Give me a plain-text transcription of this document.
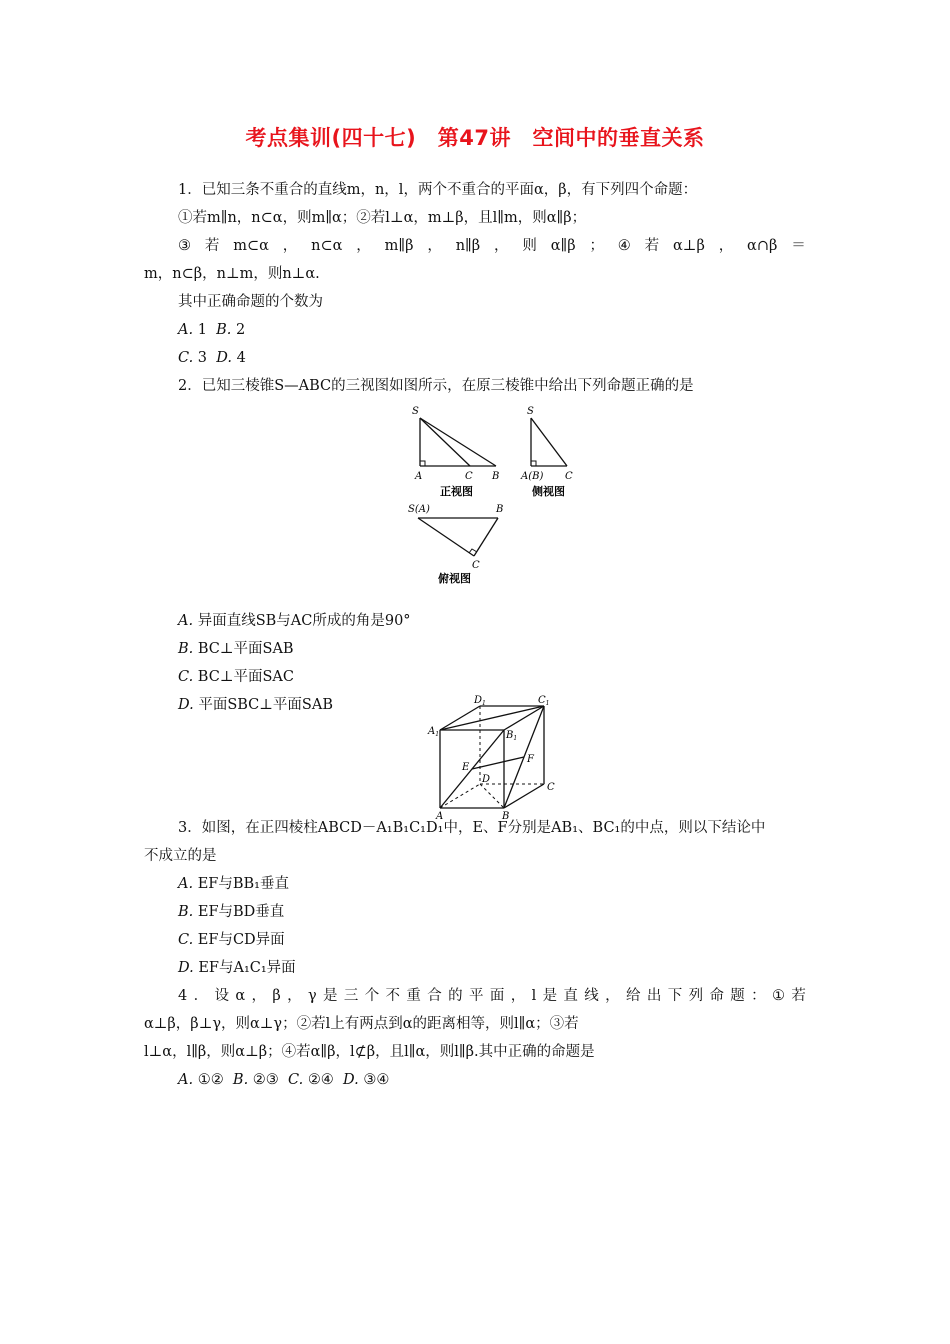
考点集训(四十七)　第47讲　空间中的垂直关系
1．已知三条不重合的直线m，n，l，两个不重合的平面α，β，有下列四个命题：
①若m∥n，n⊂α，则m∥α；②若l⊥α，m⊥β，且l∥m，则α∥β；
③ 若 m⊂α ， n⊂α ， m∥β ， n∥β ， 则 α∥β ； ④ 若 α⊥β ， α∩β ＝
m，n⊂β，n⊥m，则n⊥α.
其中正确命题的个数为
A. 1 B. 2
C. 3 D. 4
2．已知三棱锥S—ABC的三视图如图所示，在原三棱锥中给出下列命题正确的是
S
A	C B
正视图
S
A(B) C
侧视图
S(A)	B
C
俯视图
A. 异面直线SB与AC所成的角是90°
B. BC⊥平面SAB
C. BC⊥平面SAC
D. 平面SBC⊥平面SAB
$A_1$	$B_1$
$C_1$
$D_1$
A	B
C
D
E
F
3．如图，在正四棱柱ABCD－A₁B₁C₁D₁中，E、F分别是AB₁、BC₁的中点，则以下结论中
不成立的是
A. EF与BB₁垂直
B. EF与BD垂直
C. EF与CD异面
D. EF与A₁C₁异面
4 ． 设 α ， β ， γ 是 三 个 不 重 合 的 平 面 ， l 是 直 线 ， 给 出 下 列 命 题 ： ① 若
α⊥β，β⊥γ，则α⊥γ；②若l上有两点到α的距离相等，则l∥α；③若
l⊥α，l∥β，则α⊥β；④若α∥β，l⊄β，且l∥α，则l∥β.其中正确的命题是
A. ①② B. ②③ C. ②④ D. ③④
